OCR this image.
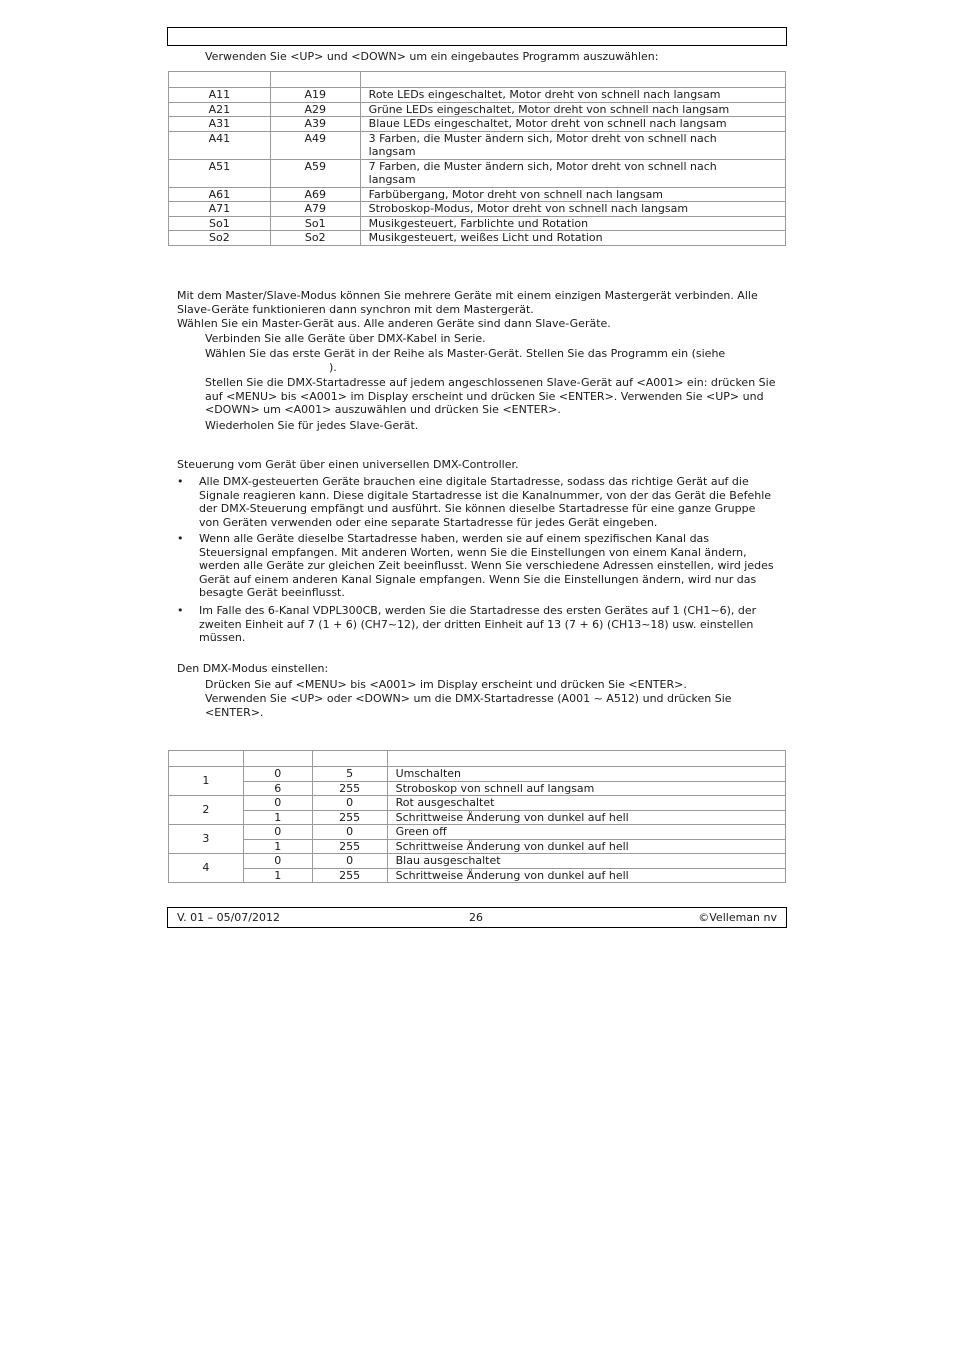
Verwenden Sie <UP> und <DOWN> um ein eingebautes Programm auszuwählen:

A11	A19	Rote LEDs eingeschaltet, Motor dreht von schnell nach langsam
A21	A29	Grüne LEDs eingeschaltet, Motor dreht von schnell nach langsam
A31	A39	Blaue LEDs eingeschaltet, Motor dreht von schnell nach langsam
A41	A49	3 Farben, die Muster ändern sich, Motor dreht von schnell nach langsam
A51	A59	7 Farben, die Muster ändern sich, Motor dreht von schnell nach langsam
A61	A69	Farbübergang, Motor dreht von schnell nach langsam
A71	A79	Stroboskop-Modus, Motor dreht von schnell nach langsam
So1	So1	Musikgesteuert, Farblichte und Rotation
So2	So2	Musikgesteuert, weißes Licht und Rotation
Mit dem Master/Slave-Modus können Sie mehrere Geräte mit einem einzigen Mastergerät verbinden. Alle Slave-Geräte funktionieren dann synchron mit dem Mastergerät.
Wählen Sie ein Master-Gerät aus. Alle anderen Geräte sind dann Slave-Geräte.
Verbinden Sie alle Geräte über DMX-Kabel in Serie.
Wählen Sie das erste Gerät in der Reihe als Master-Gerät. Stellen Sie das Programm ein (siehe
).
Stellen Sie die DMX-Startadresse auf jedem angeschlossenen Slave-Gerät auf <A001> ein: drücken Sie auf <MENU> bis <A001> im Display erscheint und drücken Sie <ENTER>. Verwenden Sie <UP> und <DOWN> um <A001> auszuwählen und drücken Sie <ENTER>.
Wiederholen Sie für jedes Slave-Gerät.
Steuerung vom Gerät über einen universellen DMX-Controller.
• Alle DMX-gesteuerten Geräte brauchen eine digitale Startadresse, sodass das richtige Gerät auf die Signale reagieren kann. Diese digitale Startadresse ist die Kanalnummer, von der das Gerät die Befehle der DMX-Steuerung empfängt und ausführt. Sie können dieselbe Startadresse für eine ganze Gruppe von Geräten verwenden oder eine separate Startadresse für jedes Gerät eingeben.
• Wenn alle Geräte dieselbe Startadresse haben, werden sie auf einem spezifischen Kanal das Steuersignal empfangen. Mit anderen Worten, wenn Sie die Einstellungen von einem Kanal ändern, werden alle Geräte zur gleichen Zeit beeinflusst. Wenn Sie verschiedene Adressen einstellen, wird jedes Gerät auf einem anderen Kanal Signale empfangen. Wenn Sie die Einstellungen ändern, wird nur das besagte Gerät beeinflusst.
• Im Falle des 6-Kanal VDPL300CB, werden Sie die Startadresse des ersten Gerätes auf 1 (CH1~6), der zweiten Einheit auf 7 (1 + 6) (CH7~12), der dritten Einheit auf 13 (7 + 6) (CH13~18) usw. einstellen müssen.
Den DMX-Modus einstellen:
Drücken Sie auf <MENU> bis <A001> im Display erscheint und drücken Sie <ENTER>.
Verwenden Sie <UP> oder <DOWN> um die DMX-Startadresse (A001 ~ A512) und drücken Sie <ENTER>.

1	0	5	Umschalten
	6	255	Stroboskop von schnell auf langsam
2	0	0	Rot ausgeschaltet
	1	255	Schrittweise Änderung von dunkel auf hell
3	0	0	Green off
	1	255	Schrittweise Änderung von dunkel auf hell
4	0	0	Blau ausgeschaltet
	1	255	Schrittweise Änderung von dunkel auf hell
V. 01 – 05/07/2012	26	©Velleman nv
